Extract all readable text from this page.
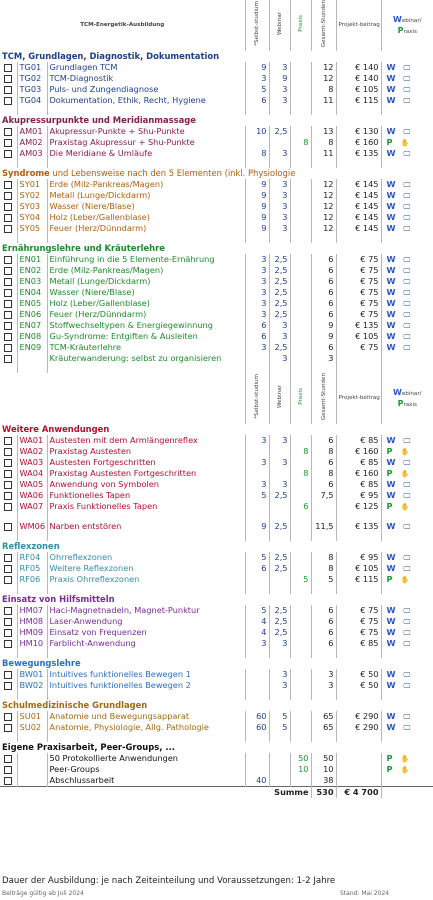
TCM-Energetik-Ausbildung			*Selbst-studium	Webinar	Praxis	Gesamt-Stunden	Projekt-beitrag	Webinar/
Praxis
TCM, Grundlagen, Diagnostik, Dokumentation								
	TG01	Grundlagen TCM	9	3		12	€ 140	W 🖵
	TG02	TCM-Diagnostik	3	9		12	€ 140	W 🖵
	TG03	Puls- und Zungendiagnose	5	3		8	€ 105	W 🖵
	TG04	Dokumentation, Ethik, Recht, Hygiene	6	3		11	€ 115	W 🖵

Akupressurpunkte und Meridianmassage								
	AM01	Akupressur-Punkte + Shu-Punkte	10	2,5		13	€ 130	W 🖵
	AM02	Praxistag Akupressur + Shu-Punkte			8	8	€ 160	P ✋
	AM03	Die Meridiane & Umläufe	8	3		11	€ 135	W 🖵

Syndrome und Lebensweise nach den 5 Elementen (inkl. Physiologie								
	SY01	Erde (Milz-Pankreas/Magen)	9	3		12	€ 145	W 🖵
	SY02	Metall (Lunge/Dickdarm)	9	3		12	€ 145	W 🖵
	SY03	Wasser (Niere/Blase)	9	3		12	€ 145	W 🖵
	SY04	Holz (Leber/Gallenblase)	9	3		12	€ 145	W 🖵
	SY05	Feuer (Herz/Dünndarm)	9	3		12	€ 145	W 🖵

Ernährungslehre und Kräuterlehre								
	EN01	Einführung in die 5 Elemente-Ernährung	3	2,5		6	€ 75	W 🖵
	EN02	Erde (Milz-Pankreas/Magen)	3	2,5		6	€ 75	W 🖵
	EN03	Metall (Lunge/Dickdarm)	3	2,5		6	€ 75	W 🖵
	EN04	Wasser (Niere/Blase)	3	2,5		6	€ 75	W 🖵
	EN05	Holz (Leber/Gallenblase)	3	2,5		6	€ 75	W 🖵
	EN06	Feuer (Herz/Dünndarm)	3	2,5		6	€ 75	W 🖵
	EN07	Stoffwechseltypen & Energiegewinnung	6	3		9	€ 135	W 🖵
	EN08	Gu-Syndrome: Entgiften & Ausleiten	6	3		9	€ 105	W 🖵
	EN09	TCM-Kräuterlehre	3	2,5		6	€ 75	W 🖵
		Kräuterwanderung: selbst zu organisieren		3		3		

			*Selbst-studium	Webinar	Praxis	Gesamt-Stunden	Projekt-beitrag	Webinar/
Praxis
Weitere Anwendungen								
	WA01	Austesten mit dem Armlängenreflex	3	3		6	€ 85	W 🖵
	WA02	Praxistag Austesten			8	8	€ 160	P ✋
	WA03	Austesten Fortgeschritten	3	3		6	€ 85	W 🖵
	WA04	Praxistag Austesten Fortgeschritten			8	8	€ 160	P ✋
	WA05	Anwendung von Symbolen	3	3		6	€ 85	W 🖵
	WA06	Funktionelles Tapen	5	2,5		7,5	€ 95	W 🖵
	WA07	Praxis Funktionelles Tapen			6		€ 125	P ✋

	WM06	Narben entstören	9	2,5		11,5	€ 135	W 🖵

Reflexzonen								
	RF04	Ohrreflexzonen	5	2,5		8	€ 95	W 🖵
	RF05	Weitere Reflexzonen	6	2,5		8	€ 105	W 🖵
	RF06	Praxis Ohrreflexzonen			5	5	€ 115	P ✋

Einsatz von Hilfsmitteln								
	HM07	Haci-Magnetnadeln, Magnet-Punktur	5	2,5		6	€ 75	W 🖵
	HM08	Laser-Anwendung	4	2,5		6	€ 75	W 🖵
	HM09	Einsatz von Frequenzen	4	2,5		6	€ 75	W 🖵
	HM10	Farblicht-Anwendung	3	3		6	€ 85	W 🖵

Bewegungslehre								
	BW01	Intuitives funktionelles Bewegen 1		3		3	€ 50	W 🖵
	BW02	Intuitives funktionelles Bewegen 2		3		3	€ 50	W 🖵

Schulmedizinische Grundlagen								
	SU01	Anatomie und Bewegungsapparat	60	5		65	€ 290	W 🖵
	SU02	Anatomie, Physiologie, Allg. Pathologie	60	5		65	€ 290	W 🖵

Eigene Praxisarbeit, Peer-Groups, ...								
		50 Protokollierte Anwendungen			50	50		P ✋
		Peer-Groups			10	10		P ✋
		Abschlussarbeit	40			38		
Summe						530	€ 4 700	
Dauer der Ausbildung: je nach Zeiteinteilung und Voraussetzungen: 1-2 Jahre
Beiträge gültig ab Juli 2024	Stand: Mai 2024
